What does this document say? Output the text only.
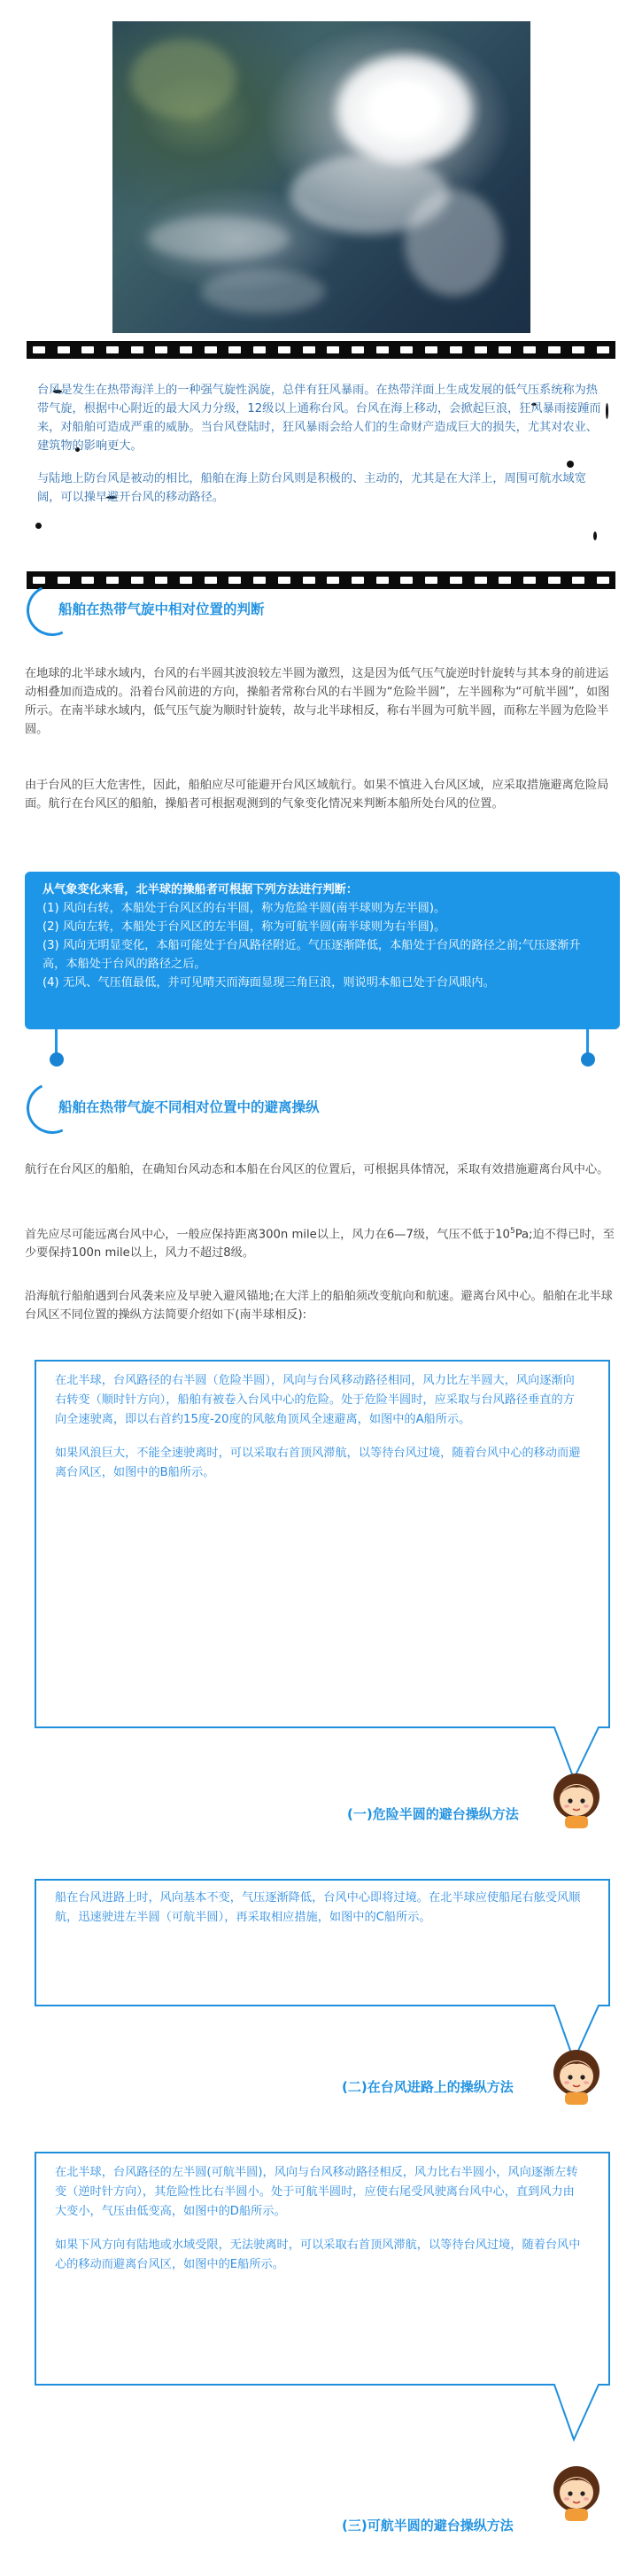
台风是发生在热带海洋上的一种强气旋性涡旋，总伴有狂风暴雨。在热带洋面上生成发展的低气压系统称为热带气旋，根据中心附近的最大风力分级，12级以上通称台风。台风在海上移动，会掀起巨浪，狂风暴雨接踵而来，对船舶可造成严重的威胁。当台风登陆时，狂风暴雨会给人们的生命财产造成巨大的损失，尤其对农业、建筑物的影响更大。

与陆地上防台风是被动的相比，船舶在海上防台风则是积极的、主动的，尤其是在大洋上，周围可航水域宽阔，可以操早避开台风的移动路径。

船舶在热带气旋中相对位置的判断

在地球的北半球水域内，台风的右半圆其波浪较左半圆为激烈，这是因为低气压气旋逆时针旋转与其本身的前进运动相叠加而造成的。沿着台风前进的方向，操船者常称台风的右半圆为“危险半圆”，左半圆称为“可航半圆”，如图所示。在南半球水域内，低气压气旋为顺时针旋转，故与北半球相反，称右半圆为可航半圆，而称左半圆为危险半圆。

由于台风的巨大危害性，因此，船舶应尽可能避开台风区域航行。如果不慎进入台风区域，应采取措施避离危险局面。航行在台风区的船舶，操船者可根据观测到的气象变化情况来判断本船所处台风的位置。

从气象变化来看，北半球的操船者可根据下列方法进行判断：
(1) 风向右转，本船处于台风区的右半圆，称为危险半圆(南半球则为左半圆)。
(2) 风向左转，本船处于台风区的左半圆，称为可航半圆(南半球则为右半圆)。
(3) 风向无明显变化，本船可能处于台风路径附近。气压逐渐降低，本船处于台风的路径之前;气压逐渐升高，本船处于台风的路径之后。
(4) 无风、气压值最低，并可见晴天而海面显现三角巨浪，则说明本船已处于台风眼内。
船舶在热带气旋不同相对位置中的避离操纵

航行在台风区的船舶，在确知台风动态和本船在台风区的位置后，可根据具体情况，采取有效措施避离台风中心。

首先应尽可能远离台风中心，一般应保持距离300n mile以上，风力在6—7级，气压不低于$10^5Pa$;迫不得已时，至少要保持100n mile以上，风力不超过8级。

沿海航行船舶遇到台风袭来应及早驶入避风锚地;在大洋上的船舶须改变航向和航速。避离台风中心。船舶在北半球台风区不同位置的操纵方法简要介绍如下(南半球相反):

在北半球，台风路径的右半圆（危险半圆），风向与台风移动路径相同，风力比左半圆大，风向逐渐向右转变（顺时针方向），船舶有被卷入台风中心的危险。处于危险半圆时，应采取与台风路径垂直的方向全速驶离，即以右首约15度-20度的风舷角顶风全速避离，如图中的A船所示。

如果风浪巨大，不能全速驶离时，可以采取右首顶风滞航，以等待台风过境，随着台风中心的移动而避离台风区，如图中的B船所示。

(一)危险半圆的避台操纵方法

船在台风进路上时，风向基本不变，气压逐渐降低，台风中心即将过境。在北半球应使船尾右舷受风顺航，迅速驶进左半圆（可航半圆），再采取相应措施，如图中的C船所示。

(二)在台风进路上的操纵方法

在北半球，台风路径的左半圆(可航半圆)，风向与台风移动路径相反，风力比右半圆小，风向逐渐左转变（逆时针方向），其危险性比右半圆小。处于可航半圆时，应使右尾受风驶离台风中心，直到风力由大变小，气压由低变高，如图中的D船所示。

如果下风方向有陆地或水域受限，无法驶离时，可以采取右首顶风滞航，以等待台风过境，随着台风中心的移动而避离台风区，如图中的E船所示。

(三)可航半圆的避台操纵方法
